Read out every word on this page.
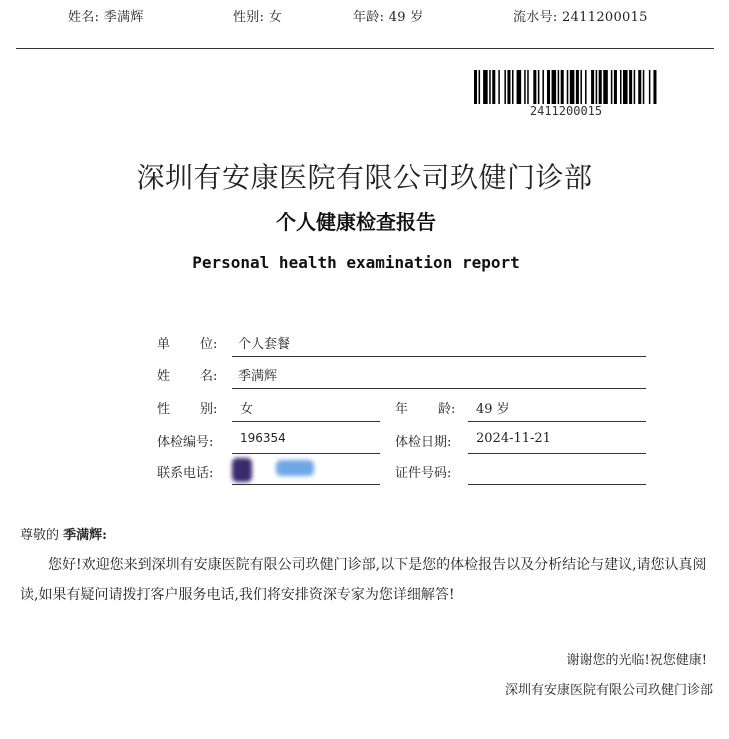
姓名: 季满辉	性别: 女	年龄: 49 岁	流水号: 2411200015
2411200015
深圳有安康医院有限公司玖健门诊部
个人健康检查报告
Personal health examination report
单 位: 个人套餐
姓 名: 季满辉
性 别: 女	年 龄: 49 岁
体检编号: 196354	体检日期: 2024-11-21
联系电话:	证件号码:
尊敬的 季满辉:
您好!欢迎您来到深圳有安康医院有限公司玖健门诊部,以下是您的体检报告以及分析结论与建议,请您认真阅读,如果有疑问请拨打客户服务电话,我们将安排资深专家为您详细解答!
谢谢您的光临!祝您健康!
深圳有安康医院有限公司玖健门诊部
